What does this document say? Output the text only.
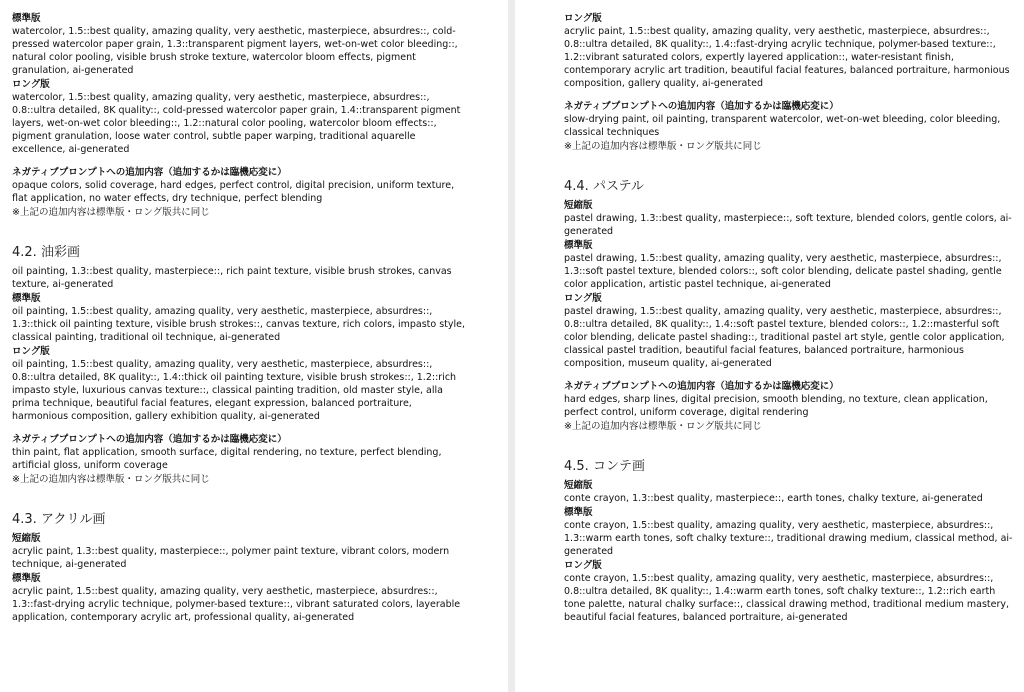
標準版

watercolor, 1.5::best quality, amazing quality, very aesthetic, masterpiece, absurdres::, cold-pressed watercolor paper grain, 1.3::transparent pigment layers, wet-on-wet color bleeding::, natural color pooling, visible brush stroke texture, watercolor bloom effects, pigment granulation, ai-generated

ロング版

watercolor, 1.5::best quality, amazing quality, very aesthetic, masterpiece, absurdres::, 0.8::ultra detailed, 8K quality::, cold-pressed watercolor paper grain, 1.4::transparent pigment layers, wet-on-wet color bleeding::, 1.2::natural color pooling, watercolor bloom effects::, pigment granulation, loose water control, subtle paper warping, traditional aquarelle excellence, ai-generated

ネガティブプロンプトへの追加内容（追加するかは臨機応変に）

opaque colors, solid coverage, hard edges, perfect control, digital precision, uniform texture, flat application, no water effects, dry technique, perfect blending

※上記の追加内容は標準版・ロング版共に同じ

4.2. 油彩画

oil painting, 1.3::best quality, masterpiece::, rich paint texture, visible brush strokes, canvas texture, ai-generated

標準版

oil painting, 1.5::best quality, amazing quality, very aesthetic, masterpiece, absurdres::, 1.3::thick oil painting texture, visible brush strokes::, canvas texture, rich colors, impasto style, classical painting, traditional oil technique, ai-generated

ロング版

oil painting, 1.5::best quality, amazing quality, very aesthetic, masterpiece, absurdres::, 0.8::ultra detailed, 8K quality::, 1.4::thick oil painting texture, visible brush strokes::, 1.2::rich impasto style, luxurious canvas texture::, classical painting tradition, old master style, alla prima technique, beautiful facial features, elegant expression, balanced portraiture, harmonious composition, gallery exhibition quality, ai-generated

ネガティブプロンプトへの追加内容（追加するかは臨機応変に）

thin paint, flat application, smooth surface, digital rendering, no texture, perfect blending, artificial gloss, uniform coverage

※上記の追加内容は標準版・ロング版共に同じ

4.3. アクリル画

短縮版

acrylic paint, 1.3::best quality, masterpiece::, polymer paint texture, vibrant colors, modern technique, ai-generated

標準版

acrylic paint, 1.5::best quality, amazing quality, very aesthetic, masterpiece, absurdres::, 1.3::fast-drying acrylic technique, polymer-based texture::, vibrant saturated colors, layerable application, contemporary acrylic art, professional quality, ai-generated

ロング版

acrylic paint, 1.5::best quality, amazing quality, very aesthetic, masterpiece, absurdres::, 0.8::ultra detailed, 8K quality::, 1.4::fast-drying acrylic technique, polymer-based texture::, 1.2::vibrant saturated colors, expertly layered application::, water-resistant finish, contemporary acrylic art tradition, beautiful facial features, balanced portraiture, harmonious composition, gallery quality, ai-generated

ネガティブプロンプトへの追加内容（追加するかは臨機応変に）

slow-drying paint, oil painting, transparent watercolor, wet-on-wet bleeding, color bleeding, classical techniques

※上記の追加内容は標準版・ロング版共に同じ

4.4. パステル

短縮版

pastel drawing, 1.3::best quality, masterpiece::, soft texture, blended colors, gentle colors, ai-generated

標準版

pastel drawing, 1.5::best quality, amazing quality, very aesthetic, masterpiece, absurdres::, 1.3::soft pastel texture, blended colors::, soft color blending, delicate pastel shading, gentle color application, artistic pastel technique, ai-generated

ロング版

pastel drawing, 1.5::best quality, amazing quality, very aesthetic, masterpiece, absurdres::, 0.8::ultra detailed, 8K quality::, 1.4::soft pastel texture, blended colors::, 1.2::masterful soft color blending, delicate pastel shading::, traditional pastel art style, gentle color application, classical pastel tradition, beautiful facial features, balanced portraiture, harmonious composition, museum quality, ai-generated

ネガティブプロンプトへの追加内容（追加するかは臨機応変に）

hard edges, sharp lines, digital precision, smooth blending, no texture, clean application, perfect control, uniform coverage, digital rendering

※上記の追加内容は標準版・ロング版共に同じ

4.5. コンテ画

短縮版

conte crayon, 1.3::best quality, masterpiece::, earth tones, chalky texture, ai-generated

標準版

conte crayon, 1.5::best quality, amazing quality, very aesthetic, masterpiece, absurdres::, 1.3::warm earth tones, soft chalky texture::, traditional drawing medium, classical method, ai-generated

ロング版

conte crayon, 1.5::best quality, amazing quality, very aesthetic, masterpiece, absurdres::, 0.8::ultra detailed, 8K quality::, 1.4::warm earth tones, soft chalky texture::, 1.2::rich earth tone palette, natural chalky surface::, classical drawing method, traditional medium mastery, beautiful facial features, balanced portraiture, ai-generated
